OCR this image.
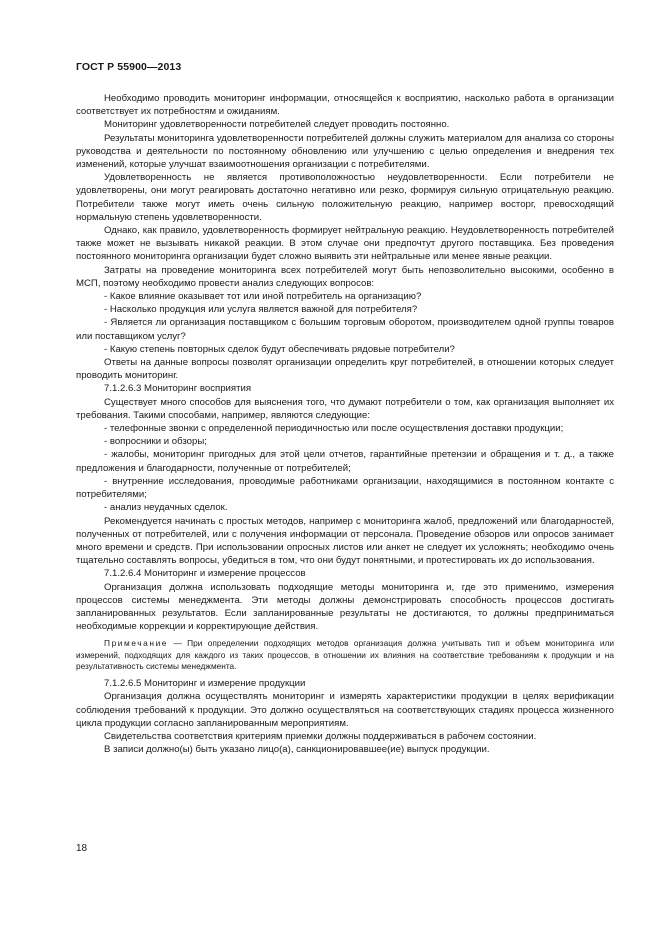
ГОСТ Р 55900—2013

Необходимо проводить мониторинг информации, относящейся к восприятию, насколько работа в организации соответствует их потребностям и ожиданиям.

Мониторинг удовлетворенности потребителей следует проводить постоянно.

Результаты мониторинга удовлетворенности потребителей должны служить материалом для анализа со стороны руководства и деятельности по постоянному обновлению или улучшению с целью определения и внедрения тех изменений, которые улучшат взаимоотношения организации с потребителями.

Удовлетворенность не является противоположностью неудовлетворенности. Если потребители не удовлетворены, они могут реагировать достаточно негативно или резко, формируя сильную отрицательную реакцию. Потребители также могут иметь очень сильную положительную реакцию, например восторг, превосходящий нормальную степень удовлетворенности.

Однако, как правило, удовлетворенность формирует нейтральную реакцию. Неудовлетворенность потребителей также может не вызывать никакой реакции. В этом случае они предпочтут другого поставщика. Без проведения постоянного мониторинга организации будет сложно выявить эти нейтральные или менее явные реакции.

Затраты на проведение мониторинга всех потребителей могут быть непозволительно высокими, особенно в МСП, поэтому необходимо провести анализ следующих вопросов:

- Какое влияние оказывает тот или иной потребитель на организацию?

- Насколько продукция или услуга является важной для потребителя?

- Является ли организация поставщиком с большим торговым оборотом, производителем одной группы товаров или поставщиком услуг?

- Какую степень повторных сделок будут обеспечивать рядовые потребители?

Ответы на данные вопросы позволят организации определить круг потребителей, в отношении которых следует проводить мониторинг.

7.1.2.6.3 Мониторинг восприятия

Существует много способов для выяснения того, что думают потребители о том, как организация выполняет их требования. Такими способами, например, являются следующие:

- телефонные звонки с определенной периодичностью или после осуществления доставки продукции;

- вопросники и обзоры;

- жалобы, мониторинг пригодных для этой цели отчетов, гарантийные претензии и обращения и т. д., а также предложения и благодарности, полученные от потребителей;

- внутренние исследования, проводимые работниками организации, находящимися в постоянном контакте с потребителями;

- анализ неудачных сделок.

Рекомендуется начинать с простых методов, например с мониторинга жалоб, предложений или благодарностей, полученных от потребителей, или с получения информации от персонала. Проведение обзоров или опросов занимает много времени и средств. При использовании опросных листов или анкет не следует их усложнять; необходимо очень тщательно составлять вопросы, убедиться в том, что они будут понятными, и протестировать их до использования.

7.1.2.6.4 Мониторинг и измерение процессов

Организация должна использовать подходящие методы мониторинга и, где это применимо, измерения процессов системы менеджмента. Эти методы должны демонстрировать способность процессов достигать запланированных результатов. Если запланированные результаты не достигаются, то должны предприниматься необходимые коррекции и корректирующие действия.

Примечание — При определении подходящих методов организация должна учитывать тип и объем мониторинга или измерений, подходящих для каждого из таких процессов, в отношении их влияния на соответствие требованиям к продукции и на результативность системы менеджмента.

7.1.2.6.5 Мониторинг и измерение продукции

Организация должна осуществлять мониторинг и измерять характеристики продукции в целях верификации соблюдения требований к продукции. Это должно осуществляться на соответствующих стадиях процесса жизненного цикла продукции согласно запланированным мероприятиям.

Свидетельства соответствия критериям приемки должны поддерживаться в рабочем состоянии.

В записи должно(ы) быть указано лицо(а), санкционировавшее(ие) выпуск продукции.

18
